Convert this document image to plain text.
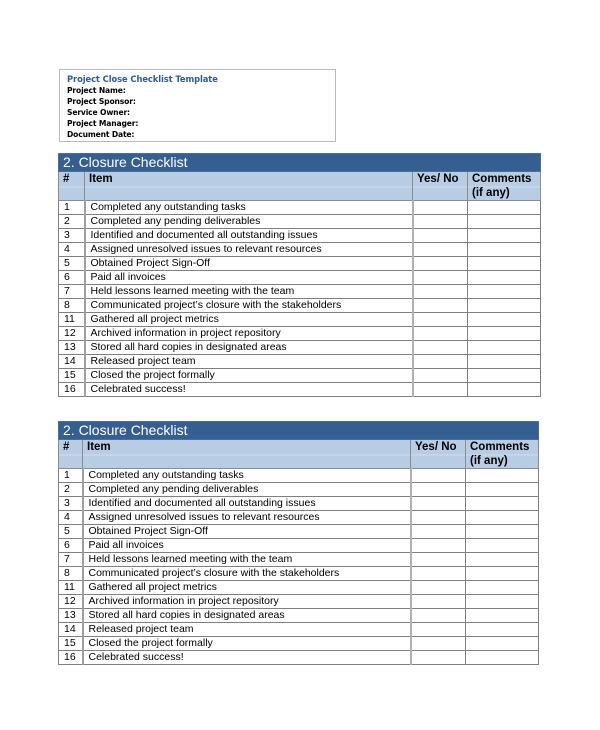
Project Close Checklist Template
Project Name:
Project Sponsor:
Service Owner:
Project Manager:
Document Date:
2. Closure Checklist			
#	Item	Yes/ No	Comments (if any)
1	Completed any outstanding tasks		
2	Completed any pending deliverables		
3	Identified and documented all outstanding issues		
4	Assigned unresolved issues to relevant resources		
5	Obtained Project Sign-Off		
6	Paid all invoices		
7	Held lessons learned meeting with the team		
8	Communicated project’s closure with the stakeholders		
11	Gathered all project metrics		
12	Archived information in project repository		
13	Stored all hard copies in designated areas		
14	Released project team		
15	Closed the project formally		
16	Celebrated success!		
2. Closure Checklist			
#	Item	Yes/ No	Comments (if any)
1	Completed any outstanding tasks		
2	Completed any pending deliverables		
3	Identified and documented all outstanding issues		
4	Assigned unresolved issues to relevant resources		
5	Obtained Project Sign-Off		
6	Paid all invoices		
7	Held lessons learned meeting with the team		
8	Communicated project’s closure with the stakeholders		
11	Gathered all project metrics		
12	Archived information in project repository		
13	Stored all hard copies in designated areas		
14	Released project team		
15	Closed the project formally		
16	Celebrated success!		
